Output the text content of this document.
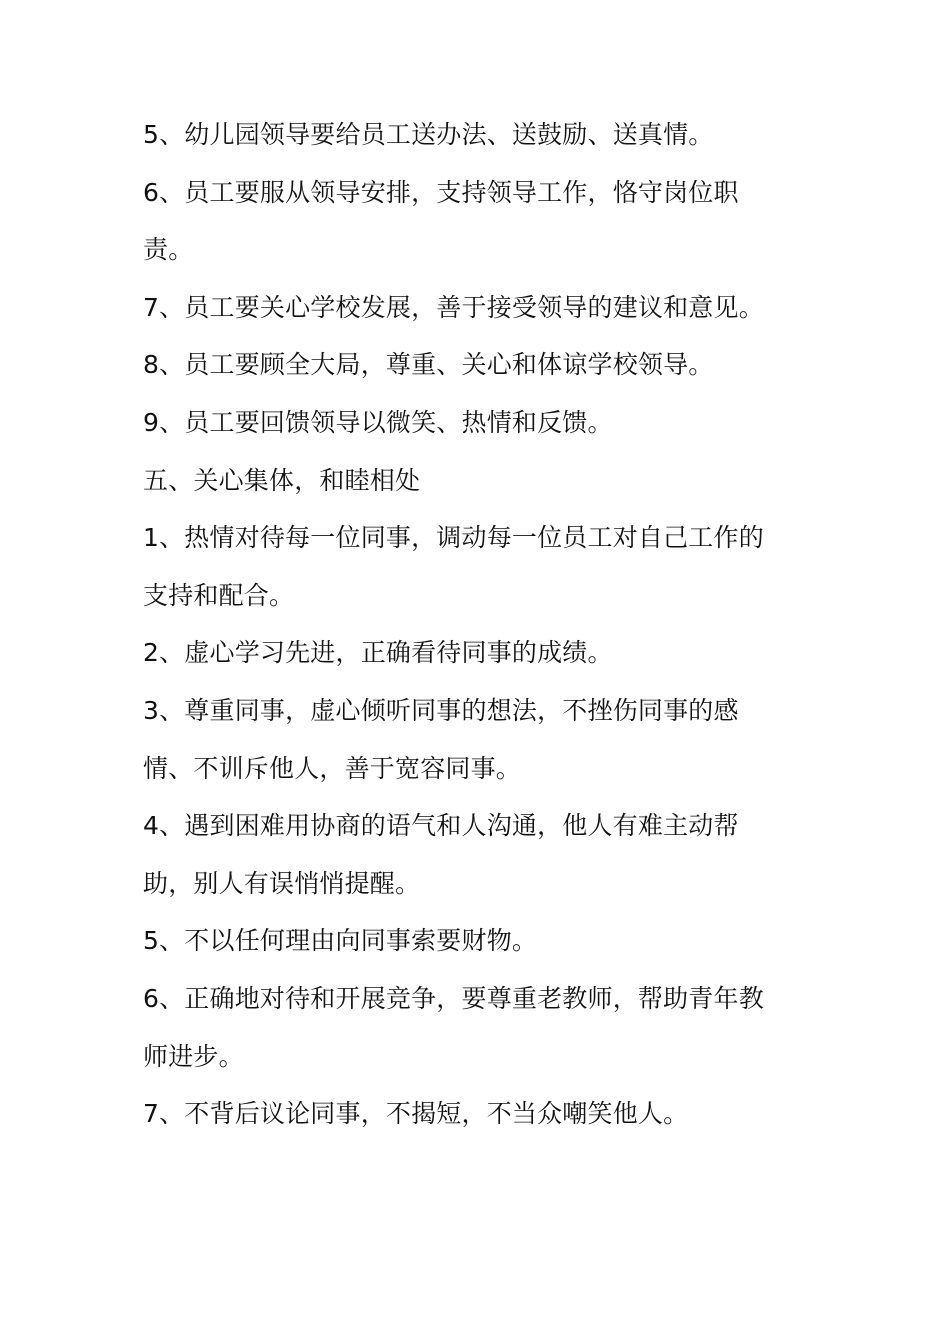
5、幼儿园领导要给员工送办法、送鼓励、送真情。
6、员工要服从领导安排，支持领导工作，恪守岗位职
责。
7、员工要关心学校发展，善于接受领导的建议和意见。
8、员工要顾全大局，尊重、关心和体谅学校领导。
9、员工要回馈领导以微笑、热情和反馈。
五、关心集体，和睦相处
1、热情对待每一位同事，调动每一位员工对自己工作的
支持和配合。
2、虚心学习先进，正确看待同事的成绩。
3、尊重同事，虚心倾听同事的想法，不挫伤同事的感
情、不训斥他人，善于宽容同事。
4、遇到困难用协商的语气和人沟通，他人有难主动帮
助，别人有误悄悄提醒。
5、不以任何理由向同事索要财物。
6、正确地对待和开展竞争，要尊重老教师，帮助青年教
师进步。
7、不背后议论同事，不揭短，不当众嘲笑他人。
